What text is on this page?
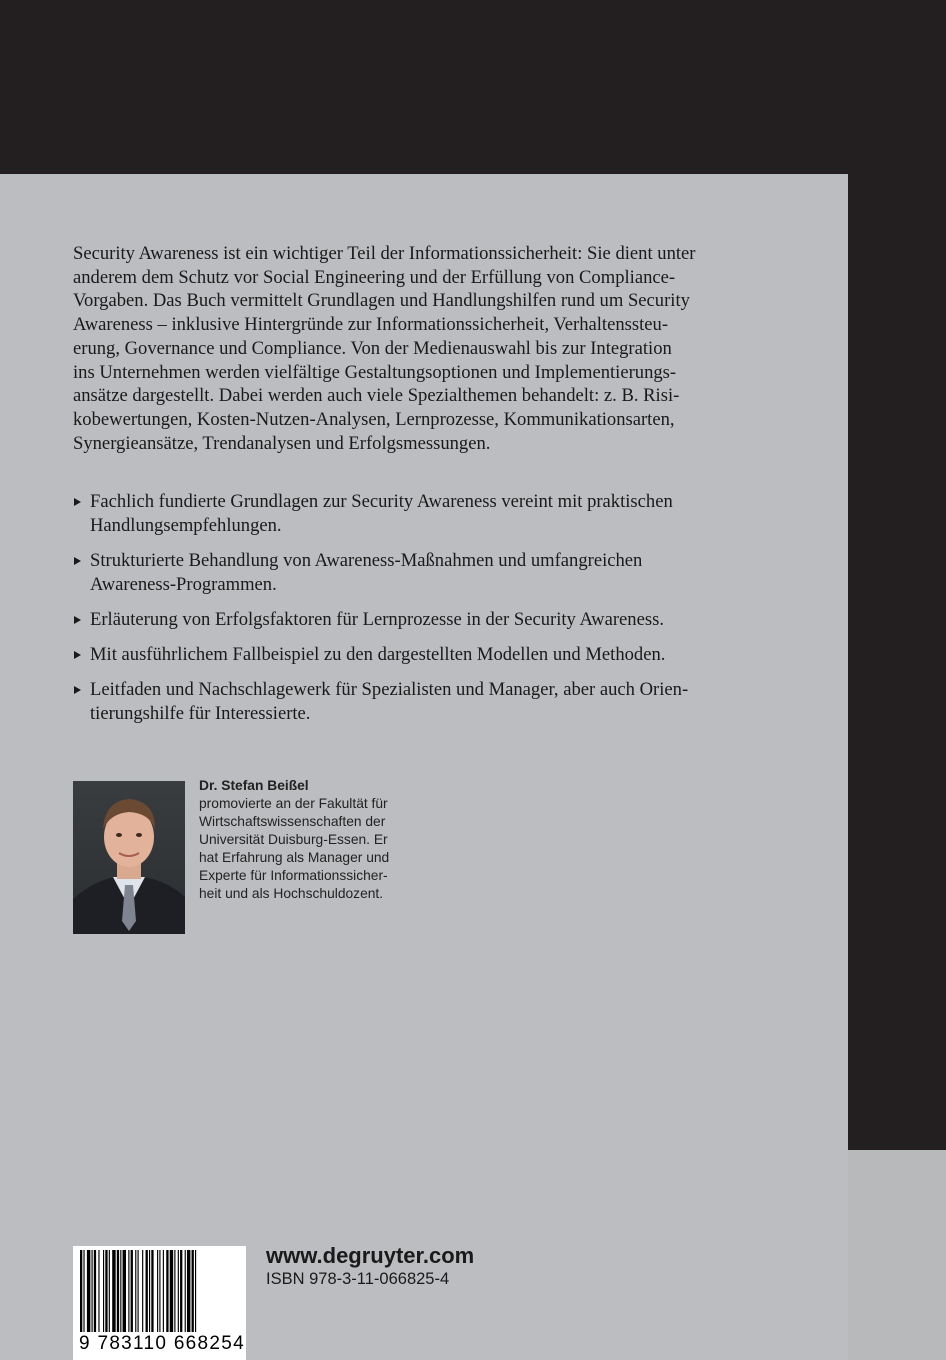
Security Awareness ist ein wichtiger Teil der Informationssicherheit: Sie dient unter
anderem dem Schutz vor Social Engineering und der Erfüllung von Compliance-
Vorgaben. Das Buch vermittelt Grundlagen und Handlungshilfen rund um Security
Awareness – inklusive Hintergründe zur Informationssicherheit, Verhaltenssteu-
erung, Governance und Compliance. Von der Medienauswahl bis zur Integration
ins Unternehmen werden vielfältige Gestaltungsoptionen und Implementierungs-
ansätze dargestellt. Dabei werden auch viele Spezialthemen behandelt: z. B. Risi-
kobewertungen, Kosten-Nutzen-Analysen, Lernprozesse, Kommunikationsarten,
Synergieansätze, Trendanalysen und Erfolgsmessungen.
Fachlich fundierte Grundlagen zur Security Awareness vereint mit praktischen
Handlungsempfehlungen.
Strukturierte Behandlung von Awareness-Maßnahmen und umfangreichen
Awareness-Programmen.
Erläuterung von Erfolgsfaktoren für Lernprozesse in der Security Awareness.
Mit ausführlichem Fallbeispiel zu den dargestellten Modellen und Methoden.
Leitfaden und Nachschlagewerk für Spezialisten und Manager, aber auch Orien-
tierungshilfe für Interessierte.
Dr. Stefan Beißel
promovierte an der Fakultät für
Wirtschaftswissenschaften der
Universität Duisburg-Essen. Er
hat Erfahrung als Manager und
Experte für Informationssicher-
heit und als Hochschuldozent.
9 783110 668254
www.degruyter.com
ISBN 978-3-11-066825-4
